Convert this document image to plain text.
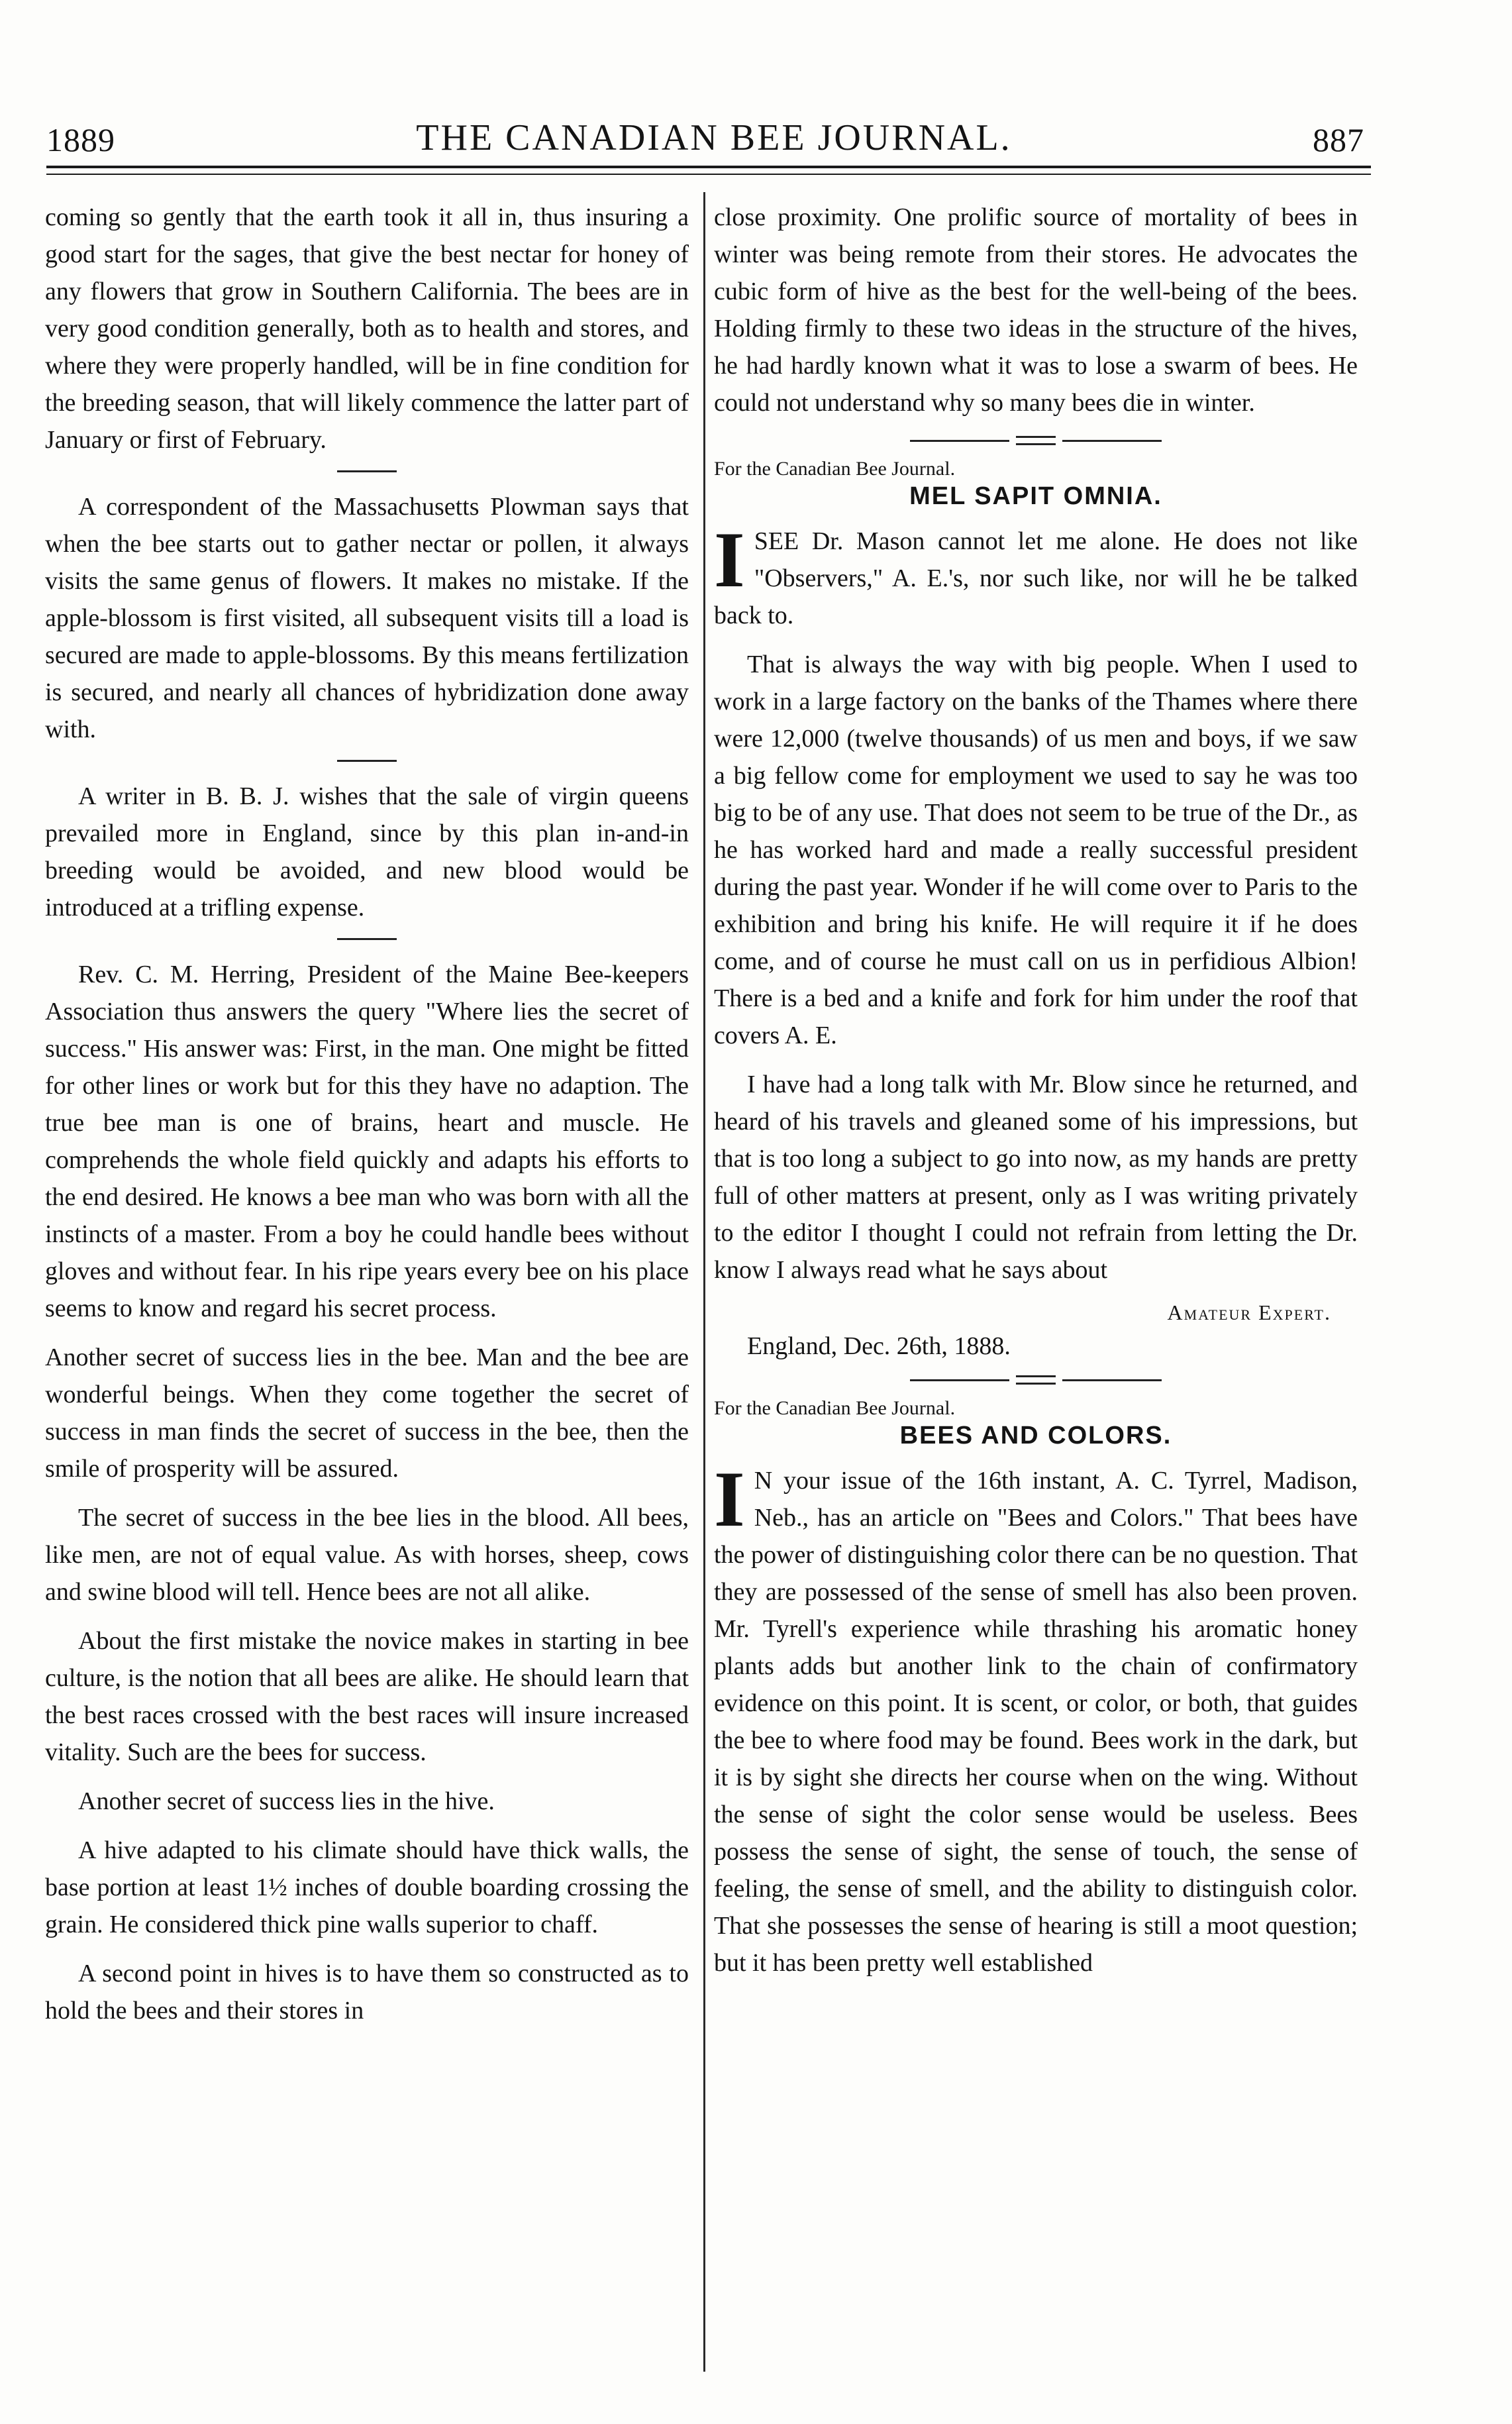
1889	THE CANADIAN BEE JOURNAL.	887

coming so gently that the earth took it all in, thus insuring a good start for the sages, that give the best nectar for honey of any flowers that grow in Southern California. The bees are in very good condition generally, both as to health and stores, and where they were properly handled, will be in fine condition for the breeding season, that will likely commence the latter part of January or first of February.

A correspondent of the Massachusetts Plowman says that when the bee starts out to gather nectar or pollen, it always visits the same genus of flowers. It makes no mistake. If the apple-blossom is first visited, all subsequent visits till a load is secured are made to apple-blossoms. By this means fertilization is secured, and nearly all chances of hybridization done away with.

A writer in B. B. J. wishes that the sale of virgin queens prevailed more in England, since by this plan in-and-in breeding would be avoided, and new blood would be introduced at a trifling expense.

Rev. C. M. Herring, President of the Maine Bee-keepers Association thus answers the query "Where lies the secret of success." His answer was: First, in the man. One might be fitted for other lines or work but for this they have no adaption. The true bee man is one of brains, heart and muscle. He comprehends the whole field quickly and adapts his efforts to the end desired. He knows a bee man who was born with all the instincts of a master. From a boy he could handle bees without gloves and without fear. In his ripe years every bee on his place seems to know and regard his secret process.

Another secret of success lies in the bee. Man and the bee are wonderful beings. When they come together the secret of success in man finds the secret of success in the bee, then the smile of prosperity will be assured.

The secret of success in the bee lies in the blood. All bees, like men, are not of equal value. As with horses, sheep, cows and swine blood will tell. Hence bees are not all alike.

About the first mistake the novice makes in starting in bee culture, is the notion that all bees are alike. He should learn that the best races crossed with the best races will insure increased vitality. Such are the bees for success.

Another secret of success lies in the hive.

A hive adapted to his climate should have thick walls, the base portion at least 1½ inches of double boarding crossing the grain. He considered thick pine walls superior to chaff.

A second point in hives is to have them so constructed as to hold the bees and their stores in

close proximity. One prolific source of mortality of bees in winter was being remote from their stores. He advocates the cubic form of hive as the best for the well-being of the bees. Holding firmly to these two ideas in the structure of the hives, he had hardly known what it was to lose a swarm of bees. He could not understand why so many bees die in winter.

For the Canadian Bee Journal.

MEL SAPIT OMNIA.

ISEE Dr. Mason cannot let me alone. He does not like "Observers," A. E.'s, nor such like, nor will he be talked back to.

That is always the way with big people. When I used to work in a large factory on the banks of the Thames where there were 12,000 (twelve thousands) of us men and boys, if we saw a big fellow come for employment we used to say he was too big to be of any use. That does not seem to be true of the Dr., as he has worked hard and made a really successful president during the past year. Wonder if he will come over to Paris to the exhibition and bring his knife. He will require it if he does come, and of course he must call on us in perfidious Albion! There is a bed and a knife and fork for him under the roof that covers A. E.

I have had a long talk with Mr. Blow since he returned, and heard of his travels and gleaned some of his impressions, but that is too long a subject to go into now, as my hands are pretty full of other matters at present, only as I was writing privately to the editor I thought I could not refrain from letting the Dr. know I always read what he says about

Amateur Expert.
England, Dec. 26th, 1888.

For the Canadian Bee Journal.

BEES AND COLORS.

I N your issue of the 16th instant, A. C. Tyrrel, Madison, Neb., has an article on "Bees and Colors." That bees have the power of distinguishing color there can be no question. That they are possessed of the sense of smell has also been proven. Mr. Tyrell's experience while thrashing his aromatic honey plants adds but another link to the chain of confirmatory evidence on this point. It is scent, or color, or both, that guides the bee to where food may be found. Bees work in the dark, but it is by sight she directs her course when on the wing. Without the sense of sight the color sense would be useless. Bees possess the sense of sight, the sense of touch, the sense of feeling, the sense of smell, and the ability to distinguish color. That she possesses the sense of hearing is still a moot question; but it has been pretty well established
